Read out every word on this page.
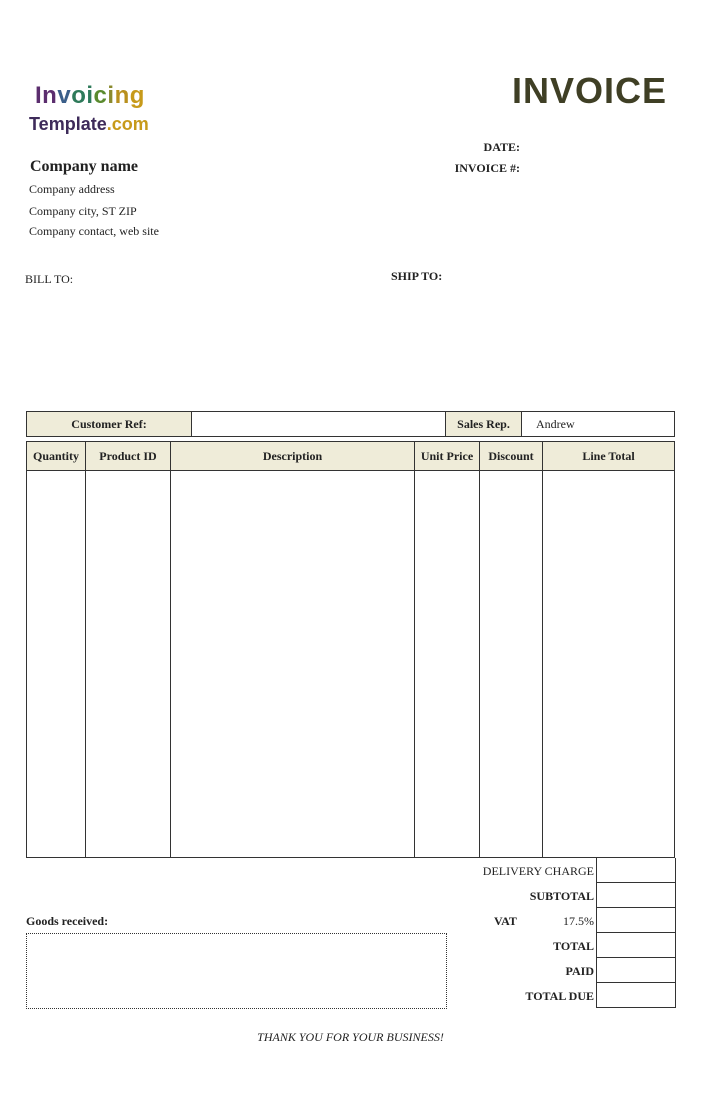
Invoicing
Template.com
INVOICE
DATE:
INVOICE #:
Company name
Company address
Company city, ST ZIP
Company contact, web site
BILL TO:	SHIP TO:
Customer Ref:		Sales Rep.	Andrew
Quantity	Product ID	Description	Unit Price	Discount	Line Total

DELIVERY CHARGE
SUBTOTAL
VAT	17.5%
Goods received:
TOTAL
PAID
TOTAL DUE
THANK YOU FOR YOUR BUSINESS!
